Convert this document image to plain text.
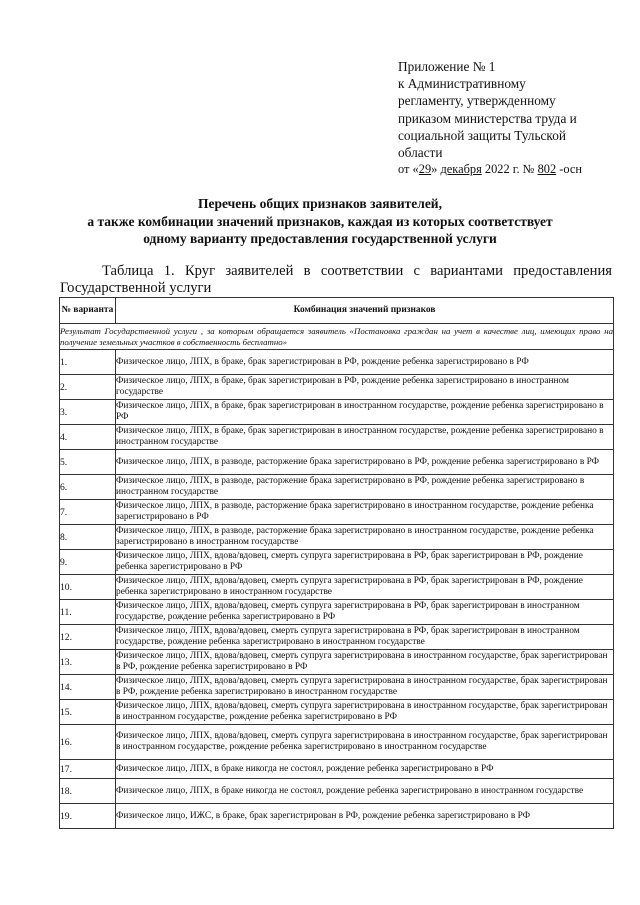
Приложение № 1
к Административному
регламенту, утвержденному
приказом министерства труда и
социальной защиты Тульской
области
от «29» декабря 2022 г. № 802 -осн
Перечень общих признаков заявителей,
а также комбинации значений признаков, каждая из которых соответствует
одному варианту предоставления государственной услуги
Таблица 1. Круг заявителей в соответствии с вариантами предоставления
Государственной услуги
№ варианта	Комбинация значений признаков
Результат Государственной услуги , за которым обращается заявитель «Постановка граждан на учет в качестве лиц, имеющих право на получение земельных участков в собственность бесплатно»	
1.	Физическое лицо, ЛПХ, в браке, брак зарегистрирован в РФ, рождение ребенка зарегистрировано в РФ
2.	Физическое лицо, ЛПХ, в браке, брак зарегистрирован в РФ, рождение ребенка зарегистрировано в иностранном государстве
3.	Физическое лицо, ЛПХ, в браке, брак зарегистрирован в иностранном государстве, рождение ребенка зарегистрировано в РФ
4.	Физическое лицо, ЛПХ, в браке, брак зарегистрирован в иностранном государстве, рождение ребенка зарегистрировано в иностранном государстве
5.	Физическое лицо, ЛПХ, в разводе, расторжение брака зарегистрировано в РФ, рождение ребенка зарегистрировано в РФ
6.	Физическое лицо, ЛПХ, в разводе, расторжение брака зарегистрировано в РФ, рождение ребенка зарегистрировано в иностранном государстве
7.	Физическое лицо, ЛПХ, в разводе, расторжение брака зарегистрировано в иностранном государстве, рождение ребенка зарегистрировано в РФ
8.	Физическое лицо, ЛПХ, в разводе, расторжение брака зарегистрировано в иностранном государстве, рождение ребенка зарегистрировано в иностранном государстве
9.	Физическое лицо, ЛПХ, вдова/вдовец, смерть супруга зарегистрирована в РФ, брак зарегистрирован в РФ, рождение ребенка зарегистрировано в РФ
10.	Физическое лицо, ЛПХ, вдова/вдовец, смерть супруга зарегистрирована в РФ, брак зарегистрирован в РФ, рождение ребенка зарегистрировано в иностранном государстве
11.	Физическое лицо, ЛПХ, вдова/вдовец, смерть супруга зарегистрирована в РФ, брак зарегистрирован в иностранном государстве, рождение ребенка зарегистрировано в РФ
12.	Физическое лицо, ЛПХ, вдова/вдовец, смерть супруга зарегистрирована в РФ, брак зарегистрирован в иностранном государстве, рождение ребенка зарегистрировано в иностранном государстве
13.	Физическое лицо, ЛПХ, вдова/вдовец, смерть супруга зарегистрирована в иностранном государстве, брак зарегистрирован в РФ, рождение ребенка зарегистрировано в РФ
14.	Физическое лицо, ЛПХ, вдова/вдовец, смерть супруга зарегистрирована в иностранном государстве, брак зарегистрирован в РФ, рождение ребенка зарегистрировано в иностранном государстве
15.	Физическое лицо, ЛПХ, вдова/вдовец, смерть супруга зарегистрирована в иностранном государстве, брак зарегистрирован в иностранном государстве, рождение ребенка зарегистрировано в РФ
16.	Физическое лицо, ЛПХ, вдова/вдовец, смерть супруга зарегистрирована в иностранном государстве, брак зарегистрирован в иностранном государстве, рождение ребенка зарегистрировано в иностранном государстве
17.	Физическое лицо, ЛПХ, в браке никогда не состоял, рождение ребенка зарегистрировано в РФ
18.	Физическое лицо, ЛПХ, в браке никогда не состоял, рождение ребенка зарегистрировано в иностранном государстве
19.	Физическое лицо, ИЖС, в браке, брак зарегистрирован в РФ, рождение ребенка зарегистрировано в РФ
